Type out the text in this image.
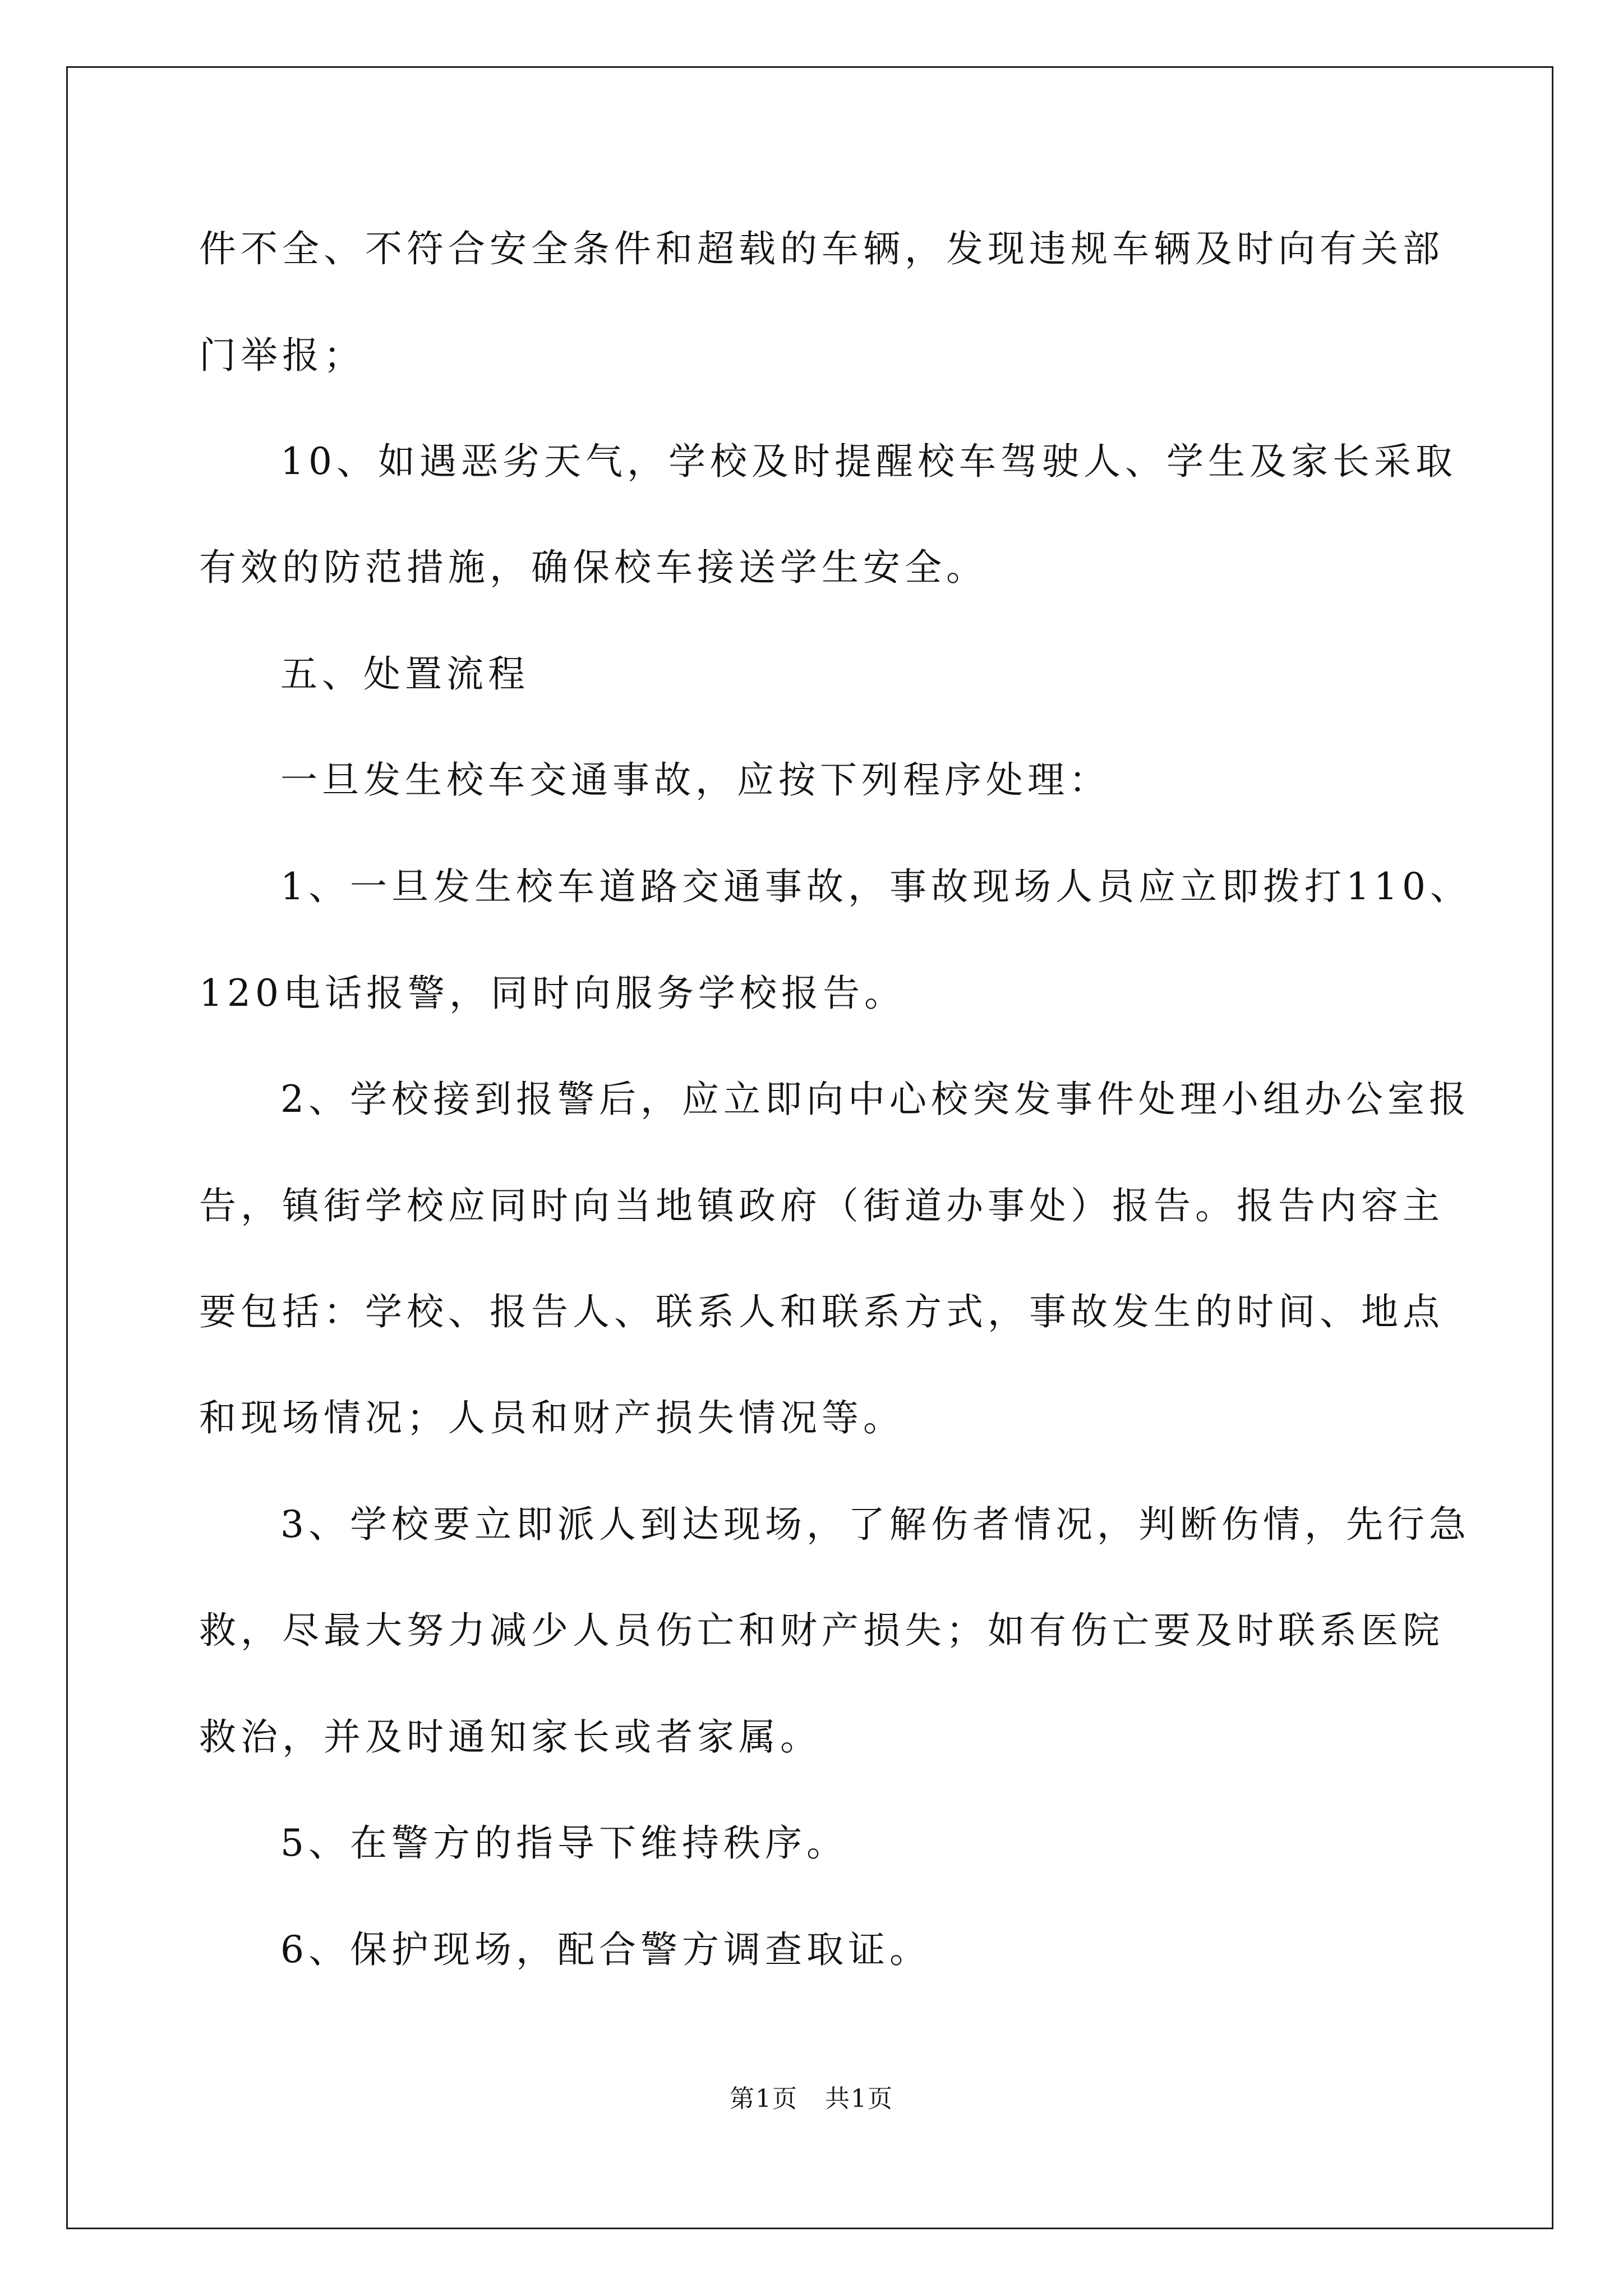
件不全、不符合安全条件和超载的车辆，发现违规车辆及时向有关部
门举报；
10、如遇恶劣天气，学校及时提醒校车驾驶人、学生及家长采取
有效的防范措施，确保校车接送学生安全。
五、处置流程
一旦发生校车交通事故，应按下列程序处理：
1、一旦发生校车道路交通事故，事故现场人员应立即拨打110、
120电话报警，同时向服务学校报告。
2、学校接到报警后，应立即向中心校突发事件处理小组办公室报
告，镇街学校应同时向当地镇政府（街道办事处）报告。报告内容主
要包括：学校、报告人、联系人和联系方式，事故发生的时间、地点
和现场情况；人员和财产损失情况等。
3、学校要立即派人到达现场，了解伤者情况，判断伤情，先行急
救，尽最大努力减少人员伤亡和财产损失；如有伤亡要及时联系医院
救治，并及时通知家长或者家属。
5、在警方的指导下维持秩序。
6、保护现场，配合警方调查取证。
第1页   共1页
